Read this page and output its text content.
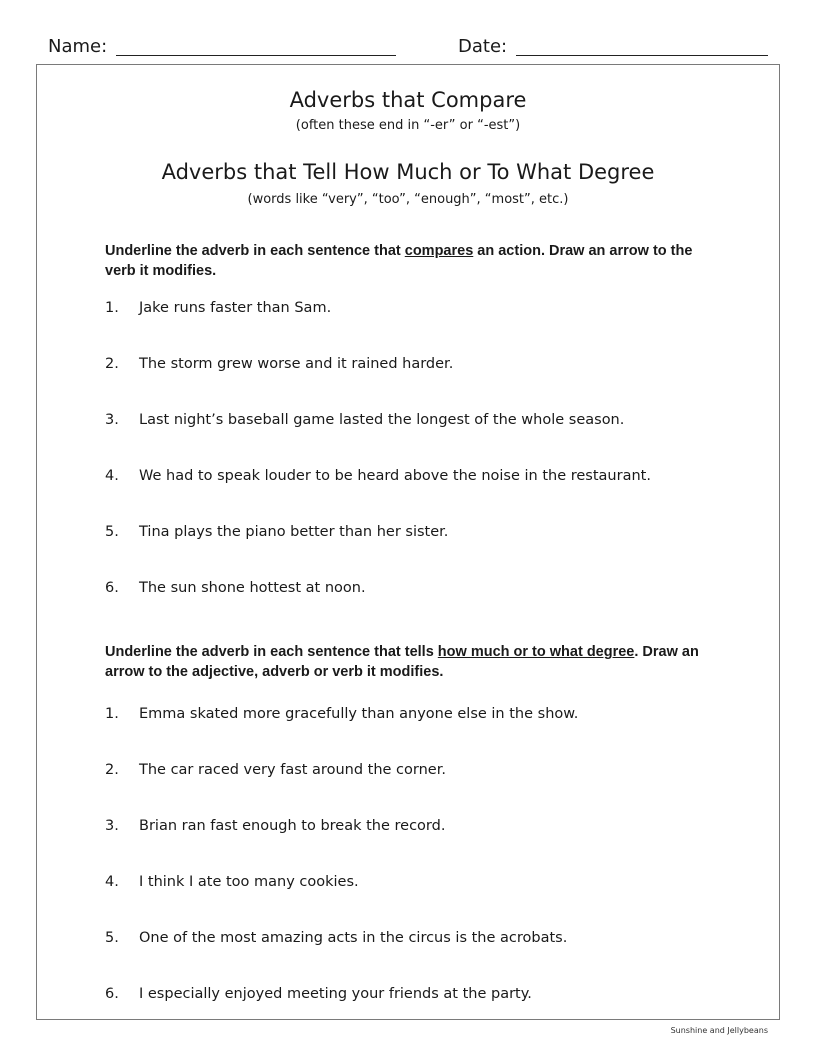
Name:	Date:
Adverbs that Compare

(often these end in “-er” or “-est”)

Adverbs that Tell How Much or To What Degree

(words like “very”, “too”, “enough”, “most”, etc.)

Underline the adverb in each sentence that compares an action. Draw an arrow to the verb it modifies.

1. Jake runs faster than Sam.
2. The storm grew worse and it rained harder.
3. Last night’s baseball game lasted the longest of the whole season.
4. We had to speak louder to be heard above the noise in the restaurant.
5. Tina plays the piano better than her sister.
6. The sun shone hottest at noon.

Underline the adverb in each sentence that tells how much or to what degree. Draw an arrow to the adjective, adverb or verb it modifies.

1. Emma skated more gracefully than anyone else in the show.
2. The car raced very fast around the corner.
3. Brian ran fast enough to break the record.
4. I think I ate too many cookies.
5. One of the most amazing acts in the circus is the acrobats.
6. I especially enjoyed meeting your friends at the party.
Sunshine and Jellybeans
